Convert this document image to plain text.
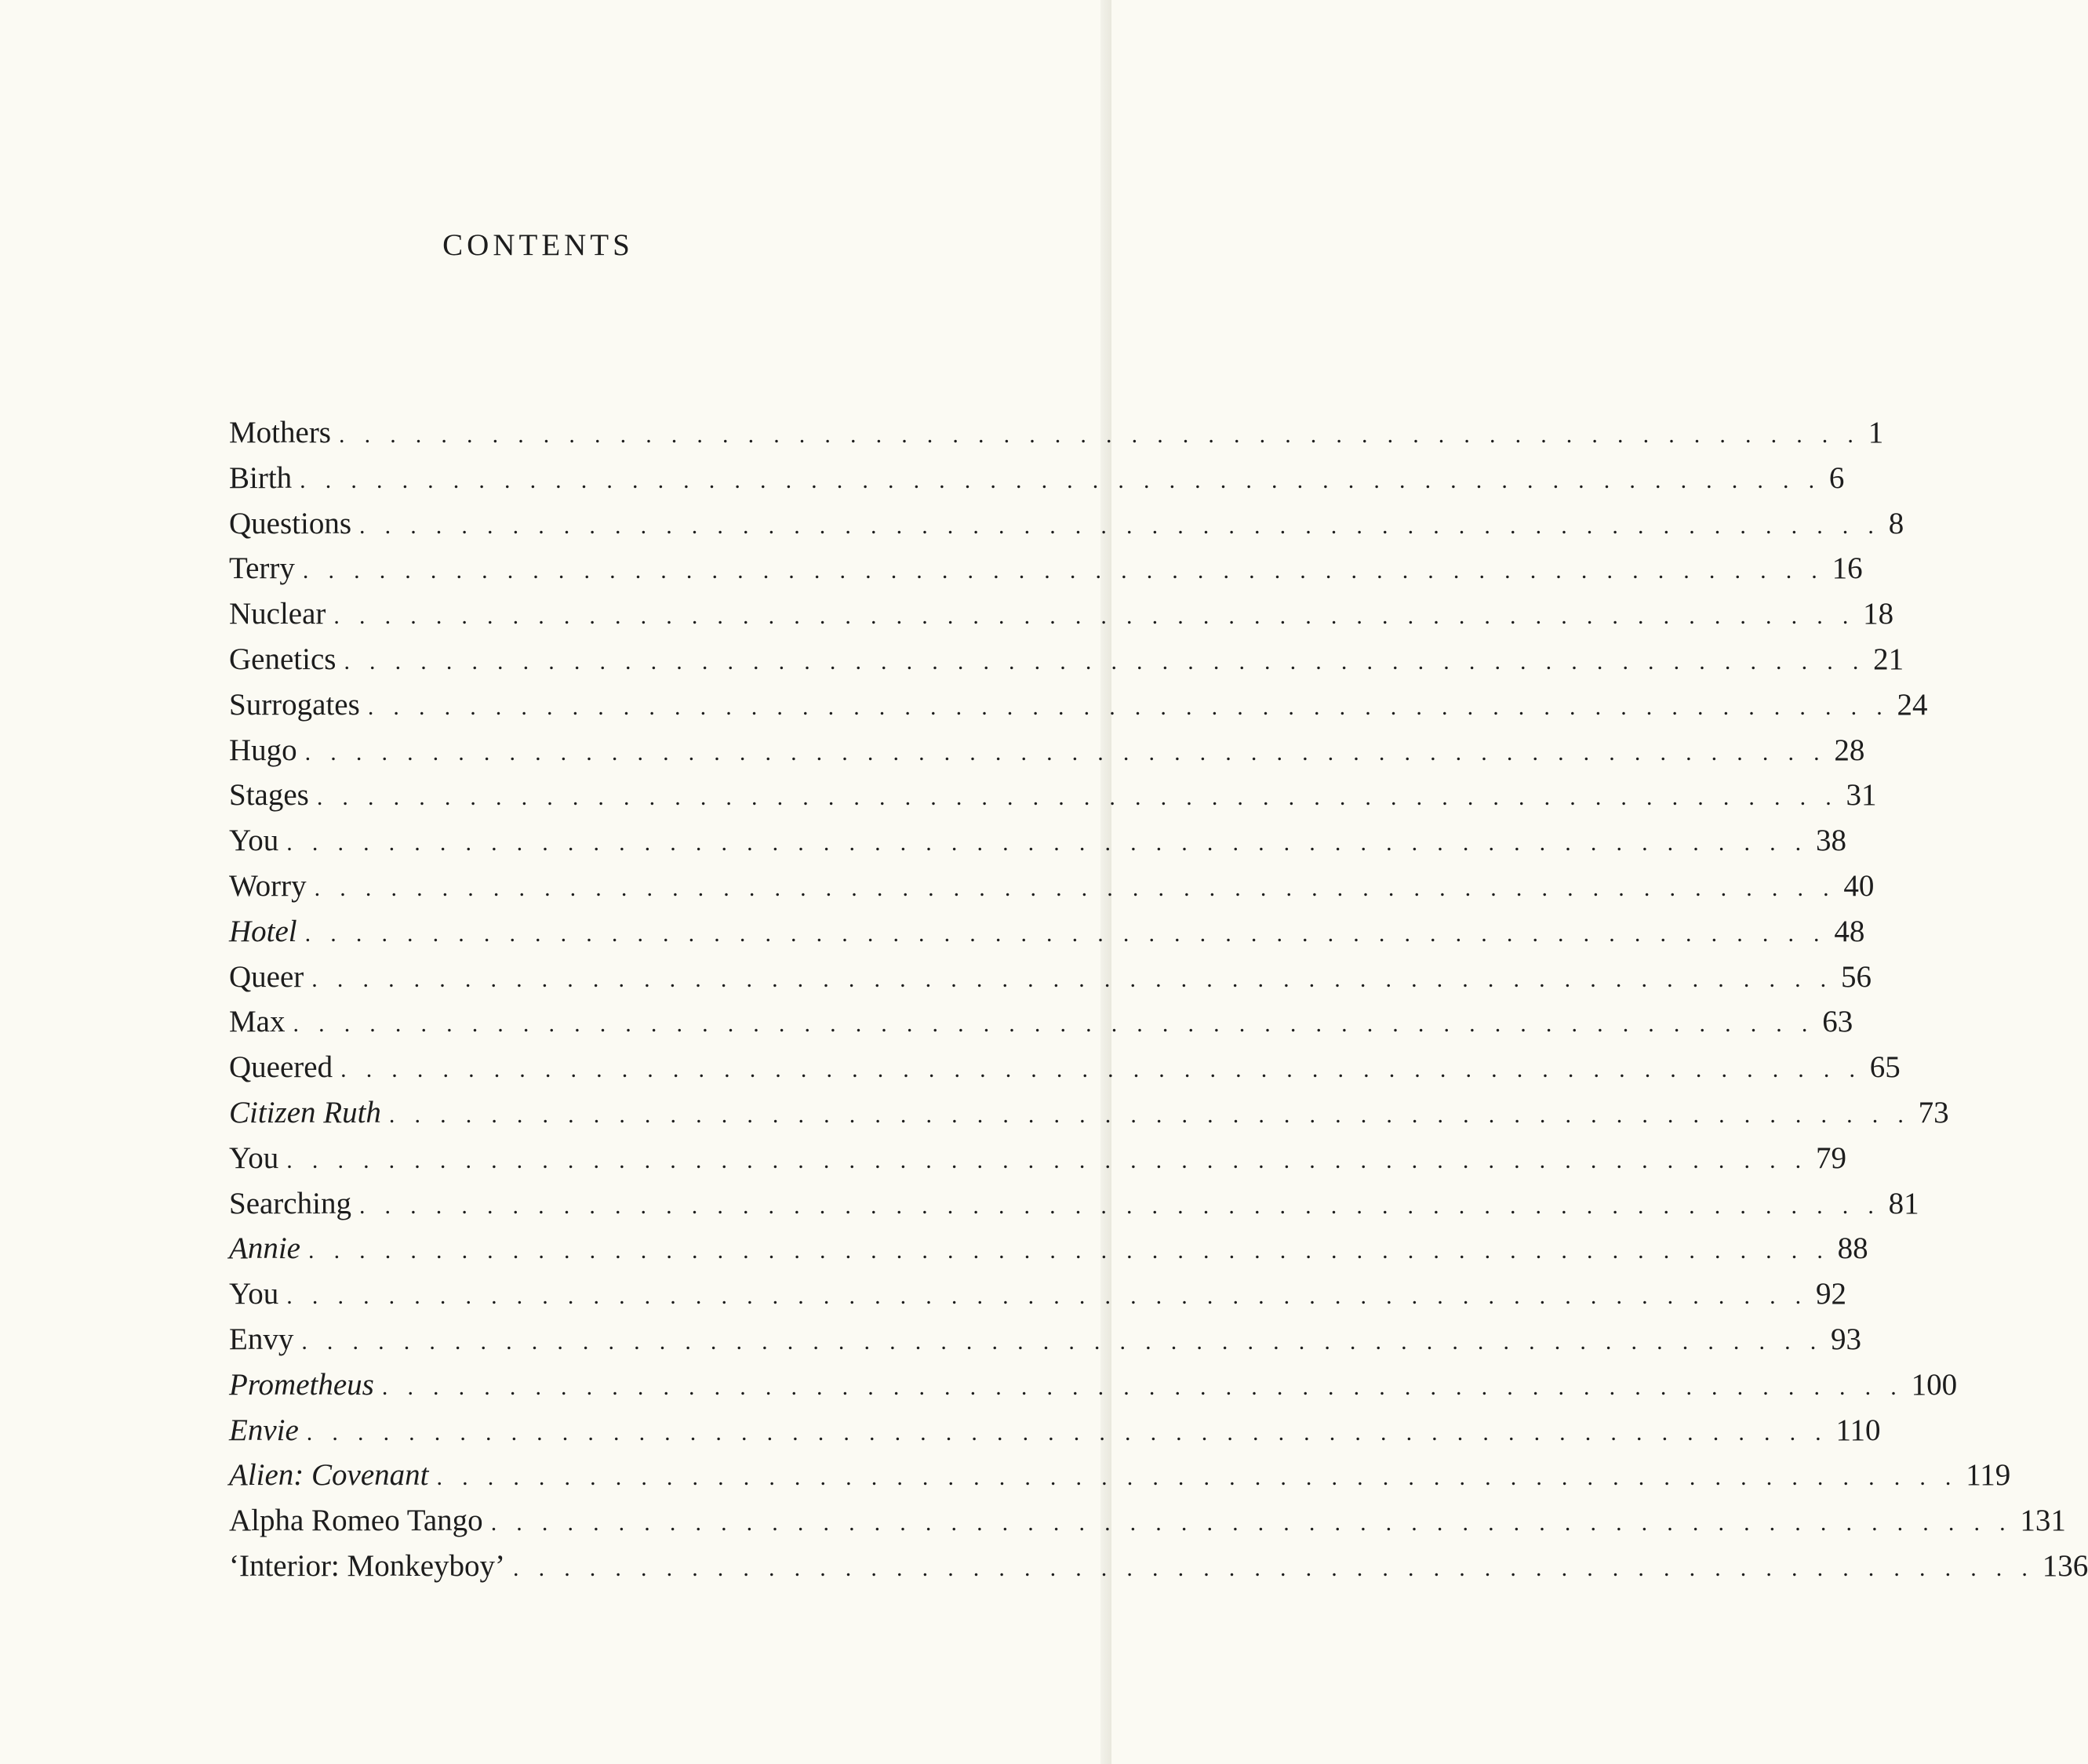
CONTENTS
Mothers . . . . . . . . . . . . . . . . . . . . . . . . . . . . . . . . . . . . . . . . . . . . . . . . . . . . . . . . . . . . 1
Birth . . . . . . . . . . . . . . . . . . . . . . . . . . . . . . . . . . . . . . . . . . . . . . . . . . . . . . . . . . . . 6
Questions . . . . . . . . . . . . . . . . . . . . . . . . . . . . . . . . . . . . . . . . . . . . . . . . . . . . . . . . . . . . 8
Terry . . . . . . . . . . . . . . . . . . . . . . . . . . . . . . . . . . . . . . . . . . . . . . . . . . . . . . . . . . . . 16
Nuclear . . . . . . . . . . . . . . . . . . . . . . . . . . . . . . . . . . . . . . . . . . . . . . . . . . . . . . . . . . . . 18
Genetics . . . . . . . . . . . . . . . . . . . . . . . . . . . . . . . . . . . . . . . . . . . . . . . . . . . . . . . . . . . . 21
Surrogates . . . . . . . . . . . . . . . . . . . . . . . . . . . . . . . . . . . . . . . . . . . . . . . . . . . . . . . . . . . . 24
Hugo . . . . . . . . . . . . . . . . . . . . . . . . . . . . . . . . . . . . . . . . . . . . . . . . . . . . . . . . . . . . 28
Stages . . . . . . . . . . . . . . . . . . . . . . . . . . . . . . . . . . . . . . . . . . . . . . . . . . . . . . . . . . . . 31
You . . . . . . . . . . . . . . . . . . . . . . . . . . . . . . . . . . . . . . . . . . . . . . . . . . . . . . . . . . . . 38
Worry . . . . . . . . . . . . . . . . . . . . . . . . . . . . . . . . . . . . . . . . . . . . . . . . . . . . . . . . . . . . 40
Hotel . . . . . . . . . . . . . . . . . . . . . . . . . . . . . . . . . . . . . . . . . . . . . . . . . . . . . . . . . . . . 48
Queer . . . . . . . . . . . . . . . . . . . . . . . . . . . . . . . . . . . . . . . . . . . . . . . . . . . . . . . . . . . . 56
Max . . . . . . . . . . . . . . . . . . . . . . . . . . . . . . . . . . . . . . . . . . . . . . . . . . . . . . . . . . . . 63
Queered . . . . . . . . . . . . . . . . . . . . . . . . . . . . . . . . . . . . . . . . . . . . . . . . . . . . . . . . . . . . 65
Citizen Ruth . . . . . . . . . . . . . . . . . . . . . . . . . . . . . . . . . . . . . . . . . . . . . . . . . . . . . . . . . . . . 73
You . . . . . . . . . . . . . . . . . . . . . . . . . . . . . . . . . . . . . . . . . . . . . . . . . . . . . . . . . . . . 79
Searching . . . . . . . . . . . . . . . . . . . . . . . . . . . . . . . . . . . . . . . . . . . . . . . . . . . . . . . . . . . . 81
Annie . . . . . . . . . . . . . . . . . . . . . . . . . . . . . . . . . . . . . . . . . . . . . . . . . . . . . . . . . . . . 88
You . . . . . . . . . . . . . . . . . . . . . . . . . . . . . . . . . . . . . . . . . . . . . . . . . . . . . . . . . . . . 92
Envy . . . . . . . . . . . . . . . . . . . . . . . . . . . . . . . . . . . . . . . . . . . . . . . . . . . . . . . . . . . . 93
Prometheus . . . . . . . . . . . . . . . . . . . . . . . . . . . . . . . . . . . . . . . . . . . . . . . . . . . . . . . . . . . . 100
Envie . . . . . . . . . . . . . . . . . . . . . . . . . . . . . . . . . . . . . . . . . . . . . . . . . . . . . . . . . . . . 110
Alien: Covenant . . . . . . . . . . . . . . . . . . . . . . . . . . . . . . . . . . . . . . . . . . . . . . . . . . . . . . . . . . . . 119
Alpha Romeo Tango . . . . . . . . . . . . . . . . . . . . . . . . . . . . . . . . . . . . . . . . . . . . . . . . . . . . . . . . . . . . 131
‘Interior: Monkeyboy’ . . . . . . . . . . . . . . . . . . . . . . . . . . . . . . . . . . . . . . . . . . . . . . . . . . . . . . . . . . . . 136
